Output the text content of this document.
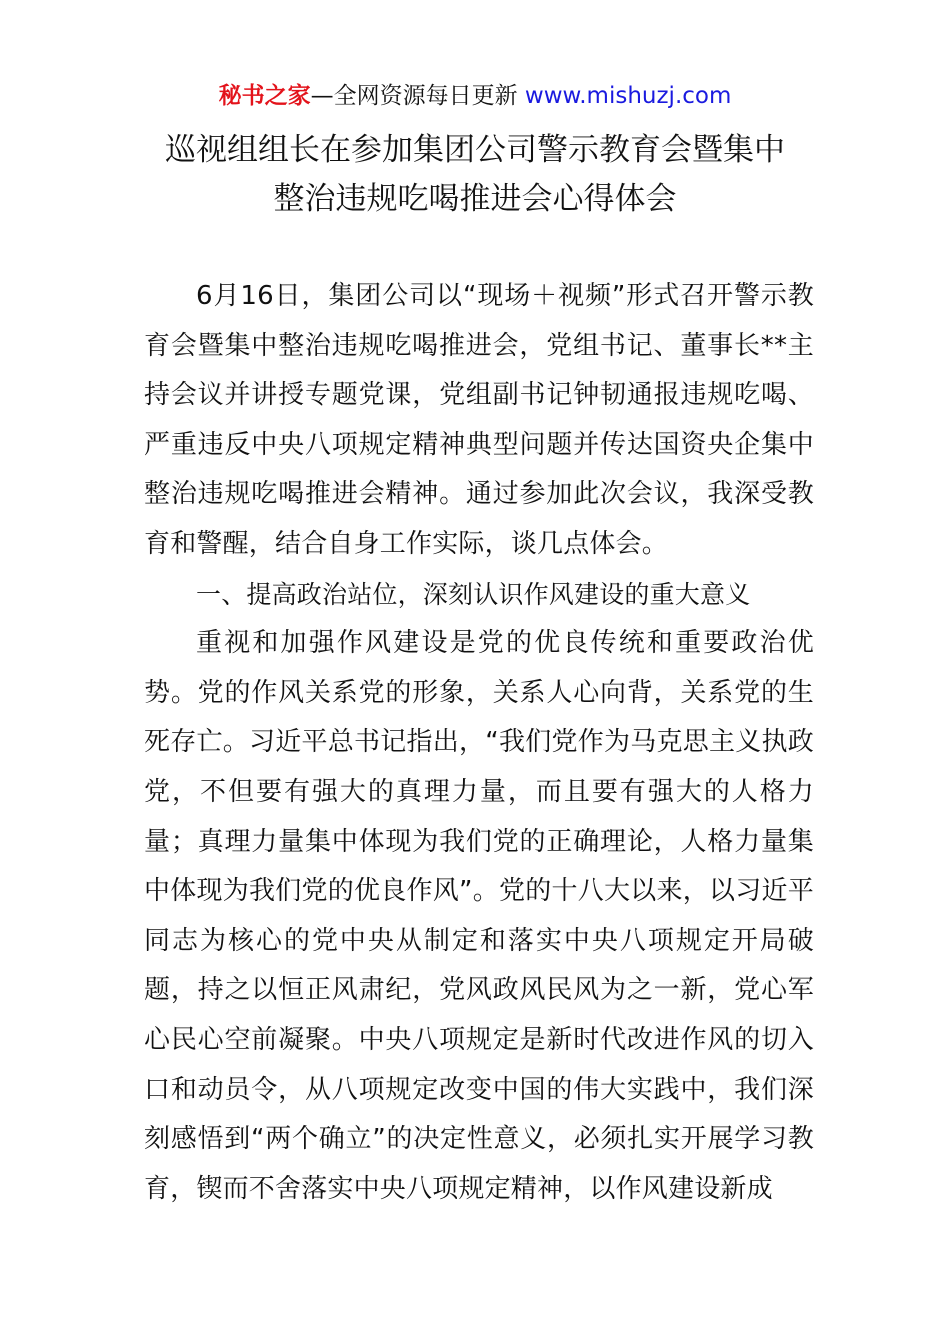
秘书之家—全网资源每日更新 www.mishuzj.com
巡视组组长在参加集团公司警示教育会暨集中
整治违规吃喝推进会心得体会

6月16日，集团公司以“现场＋视频”形式召开警示教育会暨集中整治违规吃喝推进会，党组书记、董事长**主持会议并讲授专题党课，党组副书记钟韧通报违规吃喝、严重违反中央八项规定精神典型问题并传达国资央企集中整治违规吃喝推进会精神。通过参加此次会议，我深受教育和警醒，结合自身工作实际，谈几点体会。

一、提高政治站位，深刻认识作风建设的重大意义

重视和加强作风建设是党的优良传统和重要政治优势。党的作风关系党的形象，关系人心向背，关系党的生死存亡。习近平总书记指出，“我们党作为马克思主义执政党，不但要有强大的真理力量，而且要有强大的人格力量；真理力量集中体现为我们党的正确理论，人格力量集中体现为我们党的优良作风”。党的十八大以来，以习近平同志为核心的党中央从制定和落实中央八项规定开局破题，持之以恒正风肃纪，党风政风民风为之一新，党心军心民心空前凝聚。中央八项规定是新时代改进作风的切入口和动员令，从八项规定改变中国的伟大实践中，我们深刻感悟到“两个确立”的决定性意义，必须扎实开展学习教育，锲而不舍落实中央八项规定精神，以作风建设新成
